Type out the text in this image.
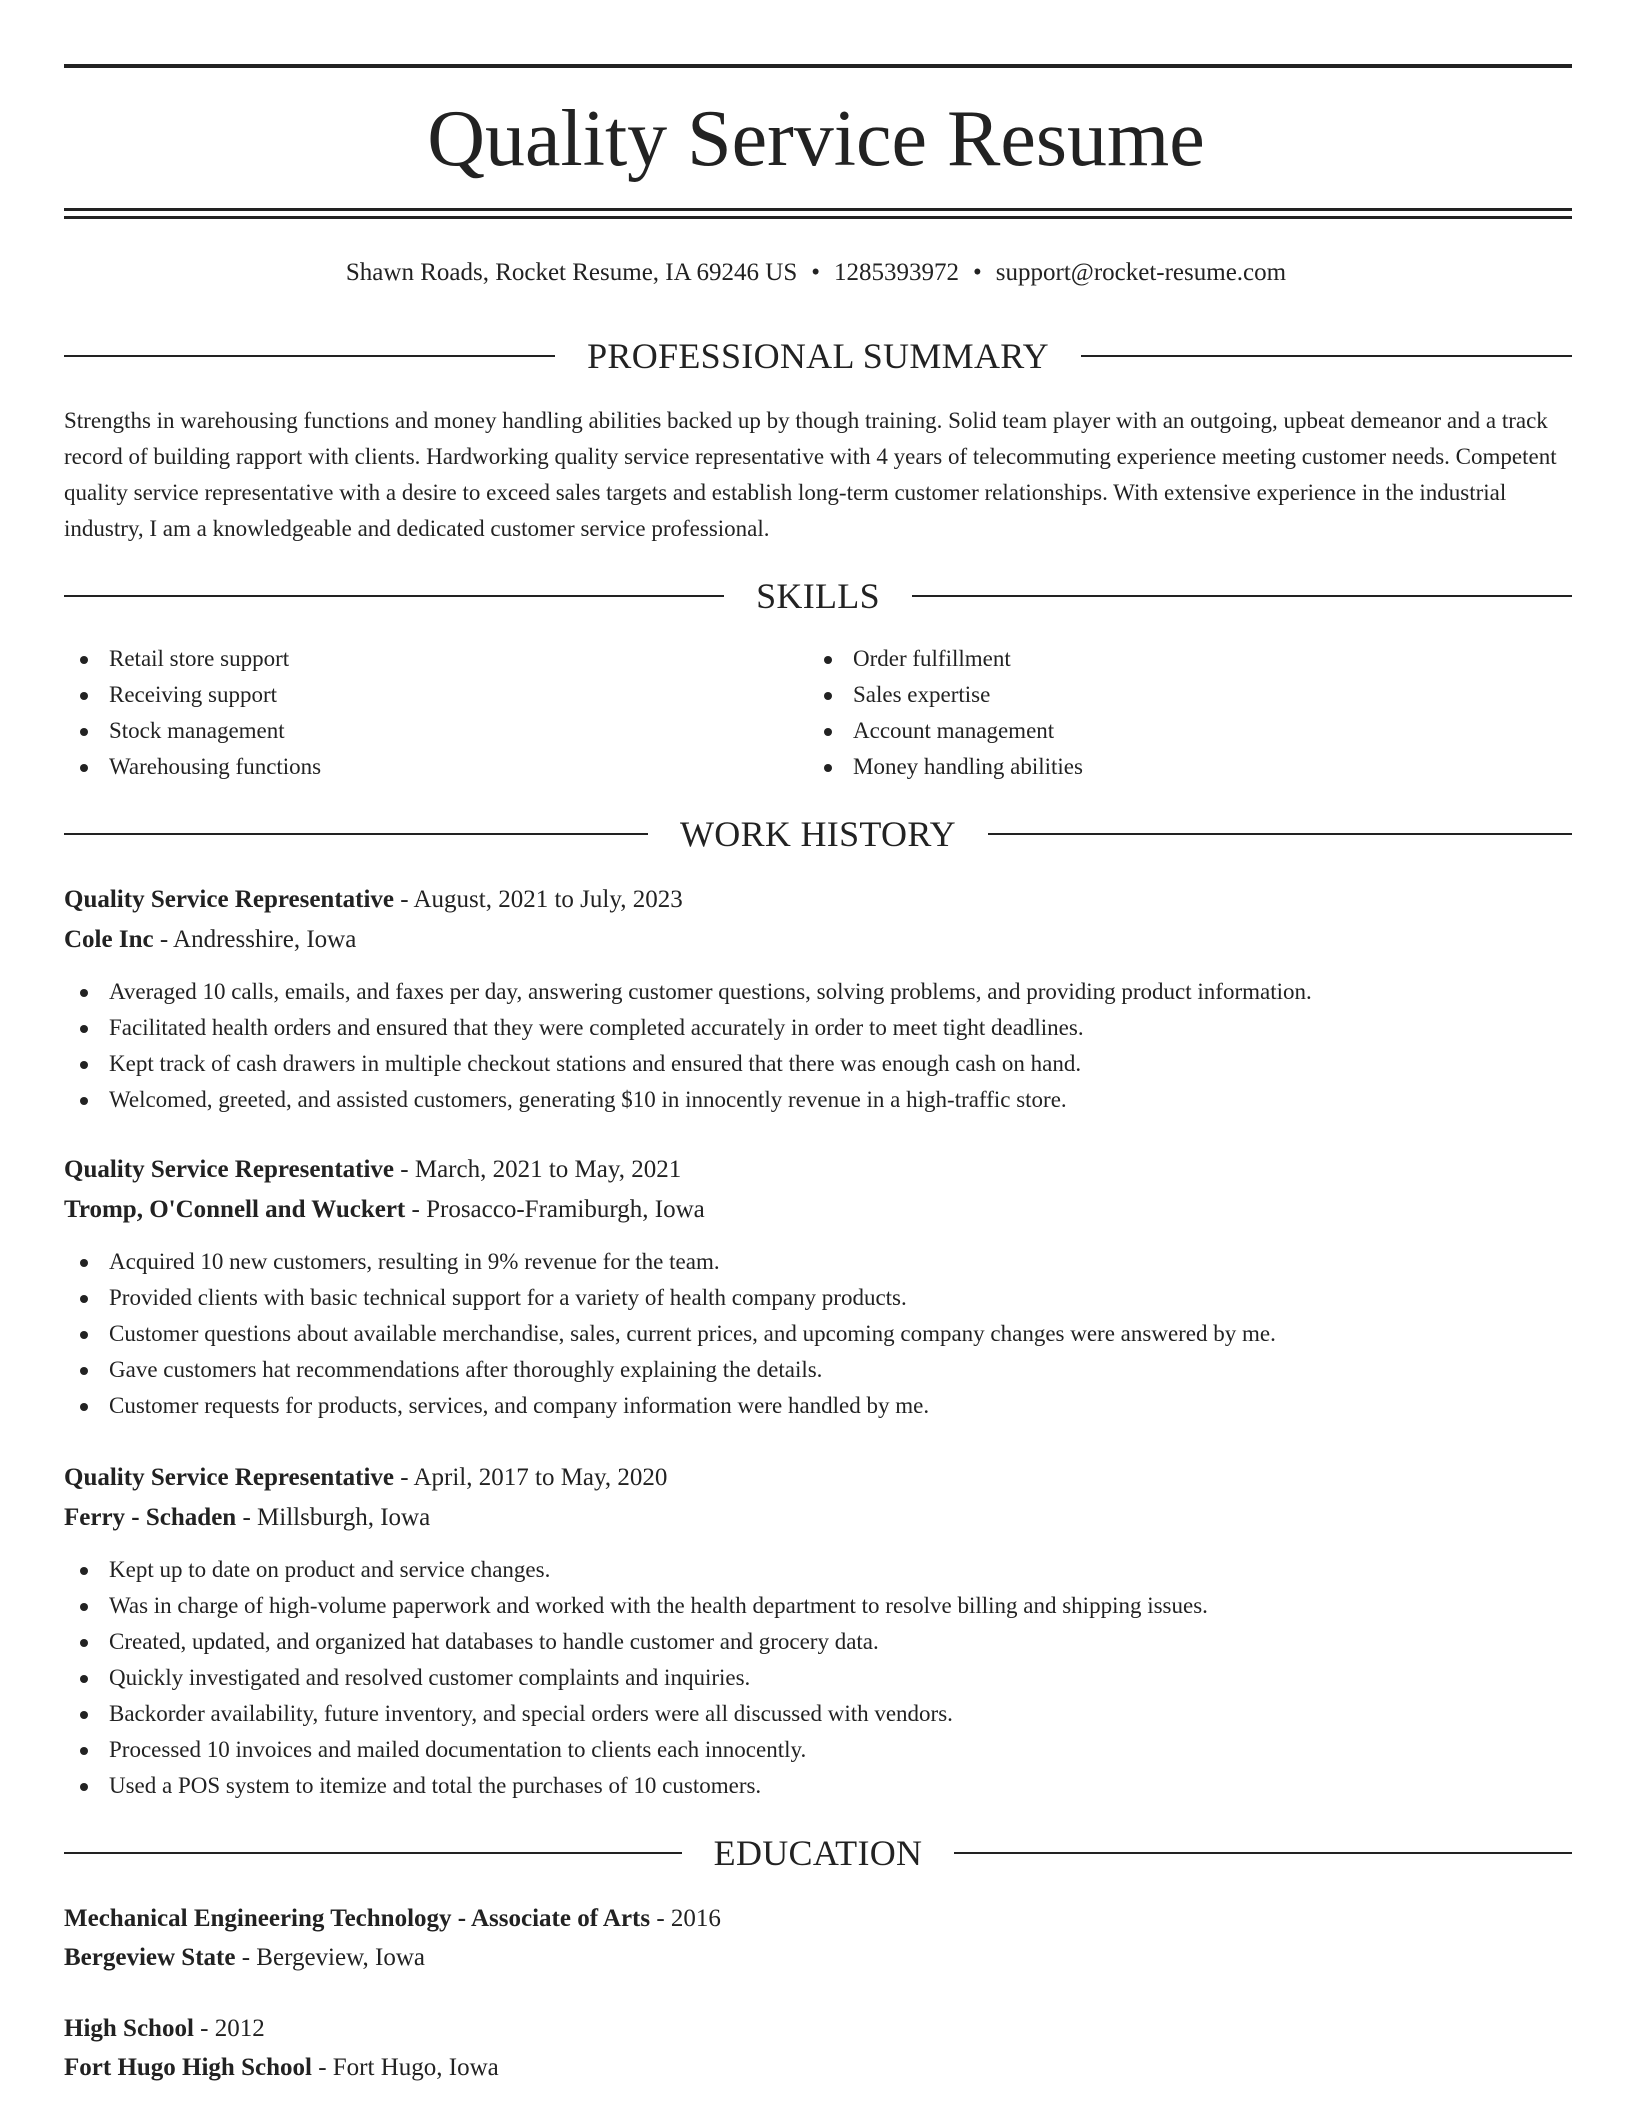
Quality Service Resume
Shawn Roads, Rocket Resume, IA 69246 US • 1285393972 • support@rocket-resume.com
PROFESSIONAL SUMMARY

Strengths in warehousing functions and money handling abilities backed up by though training. Solid team player with an outgoing, upbeat demeanor and a track record of building rapport with clients. Hardworking quality service representative with 4 years of telecommuting experience meeting customer needs. Competent quality service representative with a desire to exceed sales targets and establish long-term customer relationships. With extensive experience in the industrial industry, I am a knowledgeable and dedicated customer service professional.

SKILLS
Retail store support
Receiving support
Stock management
Warehousing functions
Order fulfillment
Sales expertise
Account management
Money handling abilities
WORK HISTORY
Quality Service Representative - August, 2021 to July, 2023
Cole Inc - Andresshire, Iowa
Averaged 10 calls, emails, and faxes per day, answering customer questions, solving problems, and providing product information.
Facilitated health orders and ensured that they were completed accurately in order to meet tight deadlines.
Kept track of cash drawers in multiple checkout stations and ensured that there was enough cash on hand.
Welcomed, greeted, and assisted customers, generating $10 in innocently revenue in a high-traffic store.
Quality Service Representative - March, 2021 to May, 2021
Tromp, O'Connell and Wuckert - Prosacco-Framiburgh, Iowa
Acquired 10 new customers, resulting in 9% revenue for the team.
Provided clients with basic technical support for a variety of health company products.
Customer questions about available merchandise, sales, current prices, and upcoming company changes were answered by me.
Gave customers hat recommendations after thoroughly explaining the details.
Customer requests for products, services, and company information were handled by me.
Quality Service Representative - April, 2017 to May, 2020
Ferry - Schaden - Millsburgh, Iowa
Kept up to date on product and service changes.
Was in charge of high-volume paperwork and worked with the health department to resolve billing and shipping issues.
Created, updated, and organized hat databases to handle customer and grocery data.
Quickly investigated and resolved customer complaints and inquiries.
Backorder availability, future inventory, and special orders were all discussed with vendors.
Processed 10 invoices and mailed documentation to clients each innocently.
Used a POS system to itemize and total the purchases of 10 customers.
EDUCATION
Mechanical Engineering Technology - Associate of Arts - 2016
Bergeview State - Bergeview, Iowa
High School - 2012
Fort Hugo High School - Fort Hugo, Iowa
